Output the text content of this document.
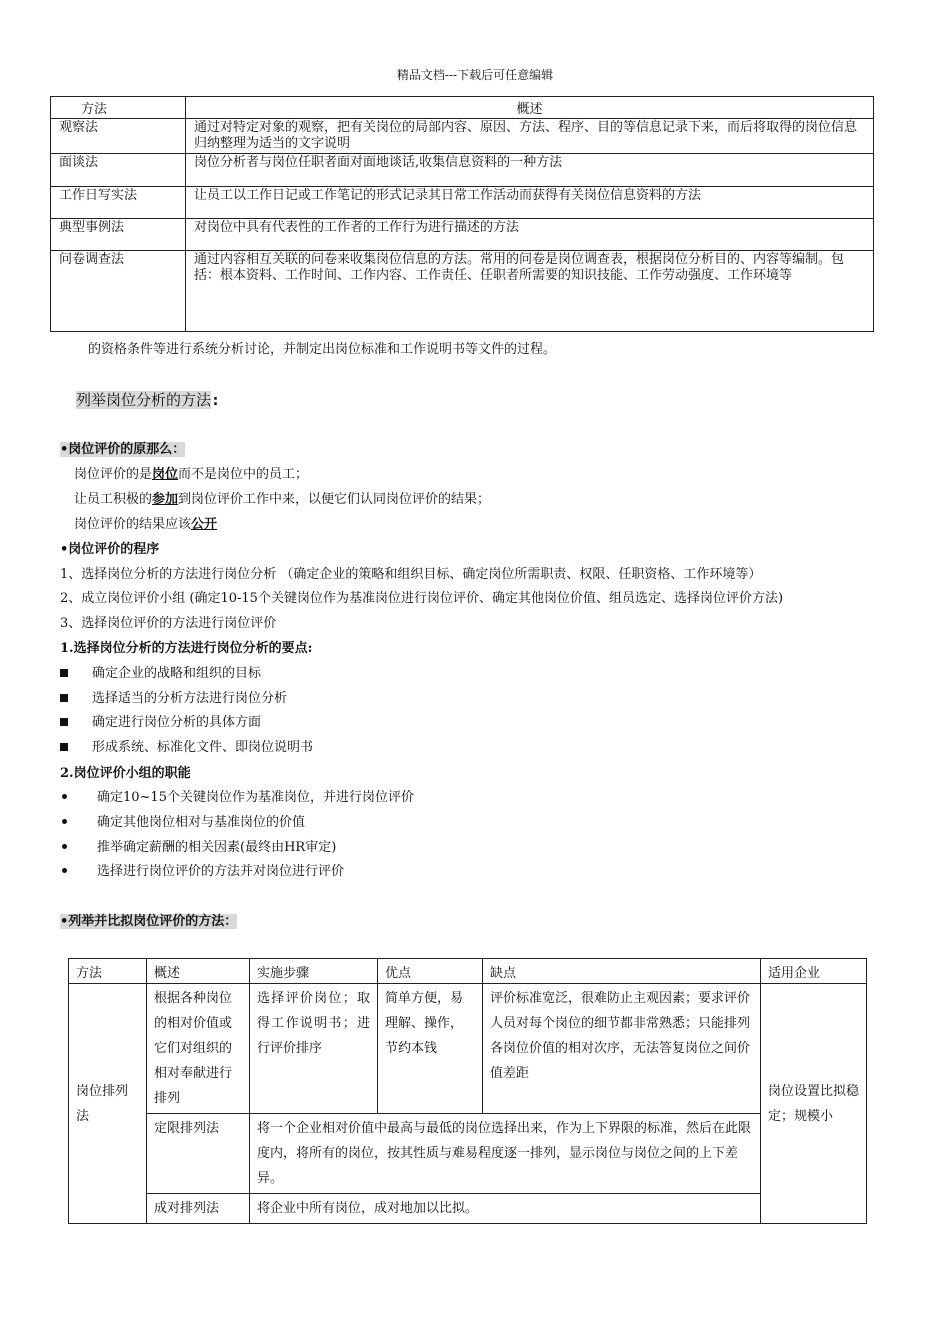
精品文档---下载后可任意编辑
方法	概述
观察法	通过对特定对象的观察，把有关岗位的局部内容、原因、方法、程序、目的等信息记录下来，而后将取得的岗位信息归纳整理为适当的文字说明
面谈法	岗位分析者与岗位任职者面对面地谈话,收集信息资料的一种方法
工作日写实法	让员工以工作日记或工作笔记的形式记录其日常工作活动而获得有关岗位信息资料的方法
典型事例法	对岗位中具有代表性的工作者的工作行为进行描述的方法
问卷调查法	通过内容相互关联的问卷来收集岗位信息的方法。常用的问卷是岗位调查表，根据岗位分析目的、内容等编制。包括：根本资料、工作时间、工作内容、工作责任、任职者所需要的知识技能、工作劳动强度、工作环境等
的资格条件等进行系统分析讨论，并制定出岗位标准和工作说明书等文件的过程。
列举岗位分析的方法:
•岗位评价的原那么：
岗位评价的是岗位而不是岗位中的员工；
让员工积极的参加到岗位评价工作中来，以便它们认同岗位评价的结果；
岗位评价的结果应该公开
•岗位评价的程序
1、选择岗位分析的方法进行岗位分析 （确定企业的策略和组织目标、确定岗位所需职责、权限、任职资格、工作环境等）
2、成立岗位评价小组 (确定10-15个关键岗位作为基准岗位进行岗位评价、确定其他岗位价值、组员选定、选择岗位评价方法)
3、选择岗位评价的方法进行岗位评价
1.选择岗位分析的方法进行岗位分析的要点:
确定企业的战略和组织的目标
选择适当的分析方法进行岗位分析
确定进行岗位分析的具体方面
形成系统、标准化文件、即岗位说明书
2.岗位评价小组的职能
确定10~15个关键岗位作为基准岗位，并进行岗位评价
确定其他岗位相对与基准岗位的价值
推举确定薪酬的相关因素(最终由HR审定)
选择进行岗位评价的方法并对岗位进行评价
•列举并比拟岗位评价的方法：
方法	概述	实施步骤	优点	缺点	适用企业
岗位排列法	根据各种岗位的相对价值或它们对组织的相对奉献进行排列	选择评价岗位；取得工作说明书；进行评价排序	简单方便，易理解、操作，节约本钱	评价标准宽泛，很难防止主观因素；要求评价人员对每个岗位的细节都非常熟悉；只能排列各岗位价值的相对次序，无法答复岗位之间价值差距	岗位设置比拟稳定；规模小
	定限排列法	将一个企业相对价值中最高与最低的岗位选择出来，作为上下界限的标准，然后在此限度内，将所有的岗位，按其性质与难易程度逐一排列，显示岗位与岗位之间的上下差异。			
	成对排列法	将企业中所有岗位，成对地加以比拟。			
